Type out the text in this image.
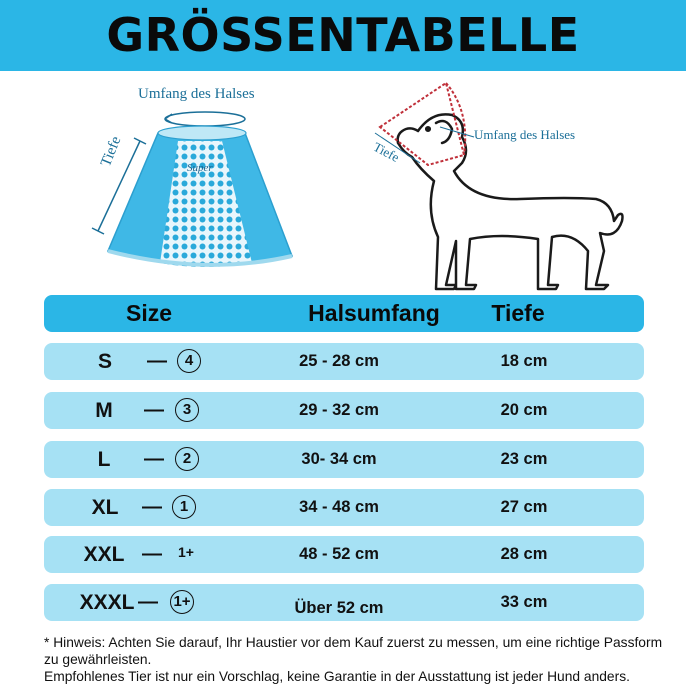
GRÖSSENTABELLE
Umfang des Halses
Tiefe	Umfang des Halses
Tiefe
Super
Size	Halsumfang	Tiefe
S	—	4	25 - 28 cm	18 cm
M	—	3	29 - 32 cm	20 cm
L	—	2	30- 34 cm	23 cm
XL	—	1	34 - 48 cm	27 cm
XXL — 1+	48 - 52 cm	28 cm
XXXL — 1+	Über 52 cm	33 cm

* Hinweis: Achten Sie darauf, Ihr Haustier vor dem Kauf zuerst zu messen, um eine richtige Passform zu gewährleisten.

Empfohlenes Tier ist nur ein Vorschlag, keine Garantie in der Ausstattung ist jeder Hund anders.
